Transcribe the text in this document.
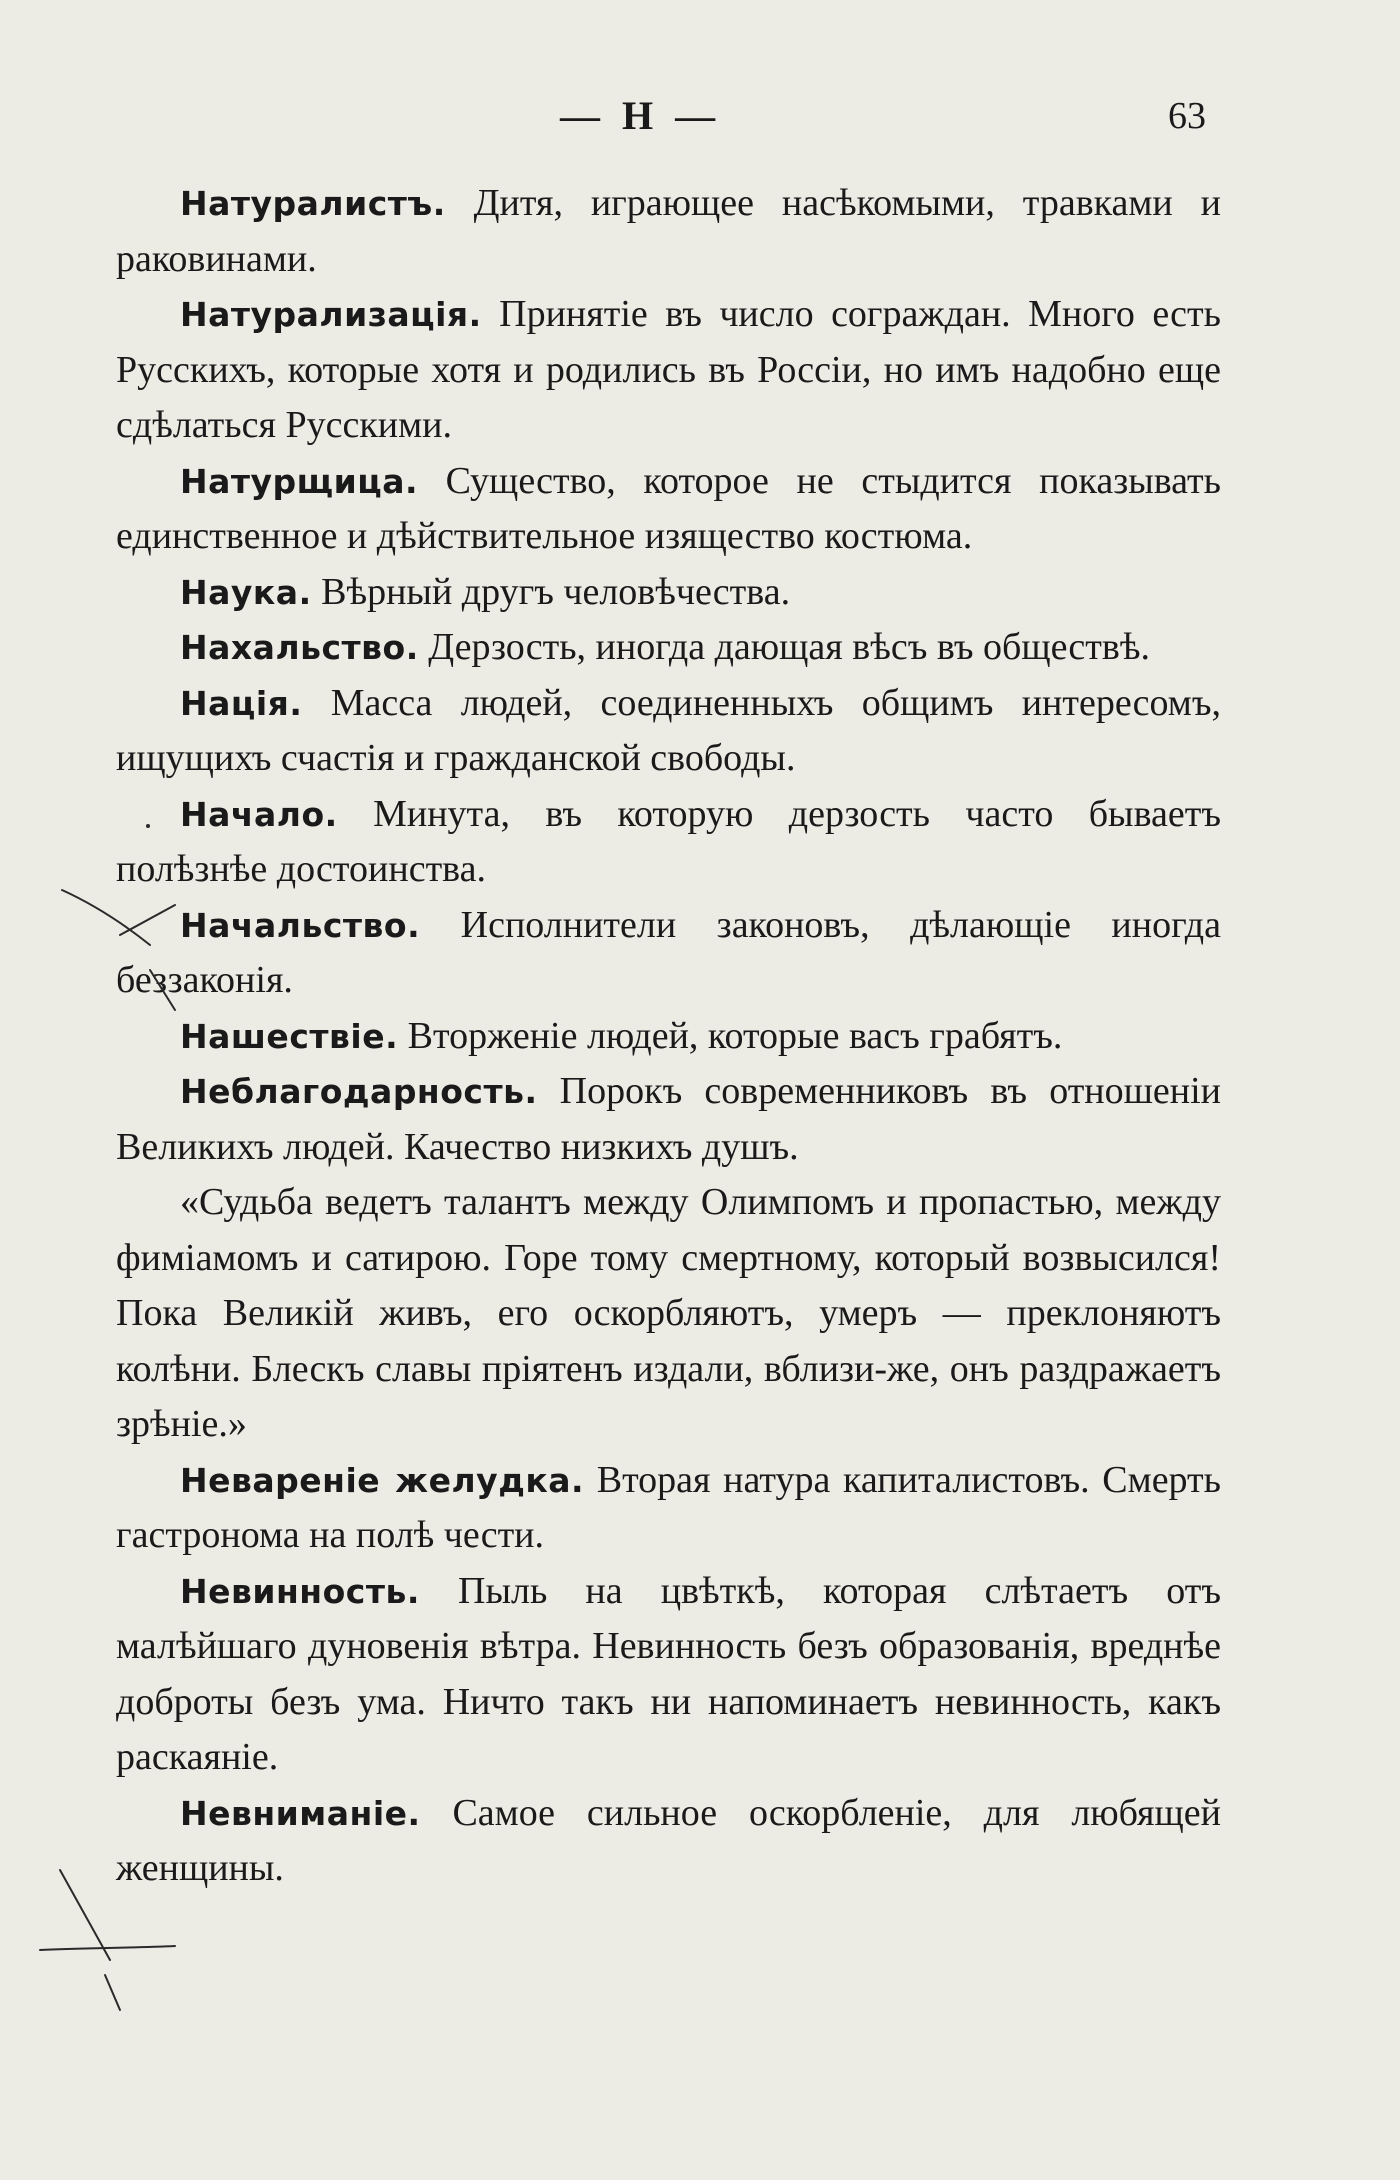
— Н —	63

Натуралистъ. Дитя, играющее насѣкомыми, травками и раковинами.

Натурализація. Принятіе въ число сограждан. Много есть Русскихъ, которые хотя и родились въ Россіи, но имъ надобно еще сдѣлаться Русскими.

Натурщица. Существо, которое не стыдится показывать единственное и дѣйствительное изящество костюма.

Наука. Вѣрный другъ человѣчества.

Нахальство. Дерзость, иногда дающая вѣсъ въ обществѣ.

Нація. Масса людей, соединенныхъ общимъ интересомъ, ищущихъ счастія и гражданской свободы.

Начало. Минута, въ которую дерзость часто бываетъ полѣзнѣе достоинства.

Начальство. Исполнители законовъ, дѣлающіе иногда беззаконія.

Нашествіе. Вторженіе людей, которые васъ грабятъ.

Неблагодарность. Порокъ современниковъ въ отношеніи Великихъ людей. Качество низкихъ душъ.

«Судьба ведетъ талантъ между Олимпомъ и пропастью, между фиміамомъ и сатирою. Горе тому смертному, который возвысился! Пока Великій живъ, его оскорбляютъ, умеръ — преклоняютъ колѣни. Блескъ славы пріятенъ издали, вблизи-же, онъ раздражаетъ зрѣніе.»

Неваренiе желудка. Вторая натура капиталистовъ. Смерть гастронома на полѣ чести.

Невинность. Пыль на цвѣткѣ, которая слѣтаетъ отъ малѣйшаго дуновенія вѣтра. Невинность безъ образованія, вреднѣе доброты безъ ума. Ничто такъ ни напоминаетъ невинность, какъ раскаяніе.

Невниманіе. Самое сильное оскорбленіе, для любящей женщины.
